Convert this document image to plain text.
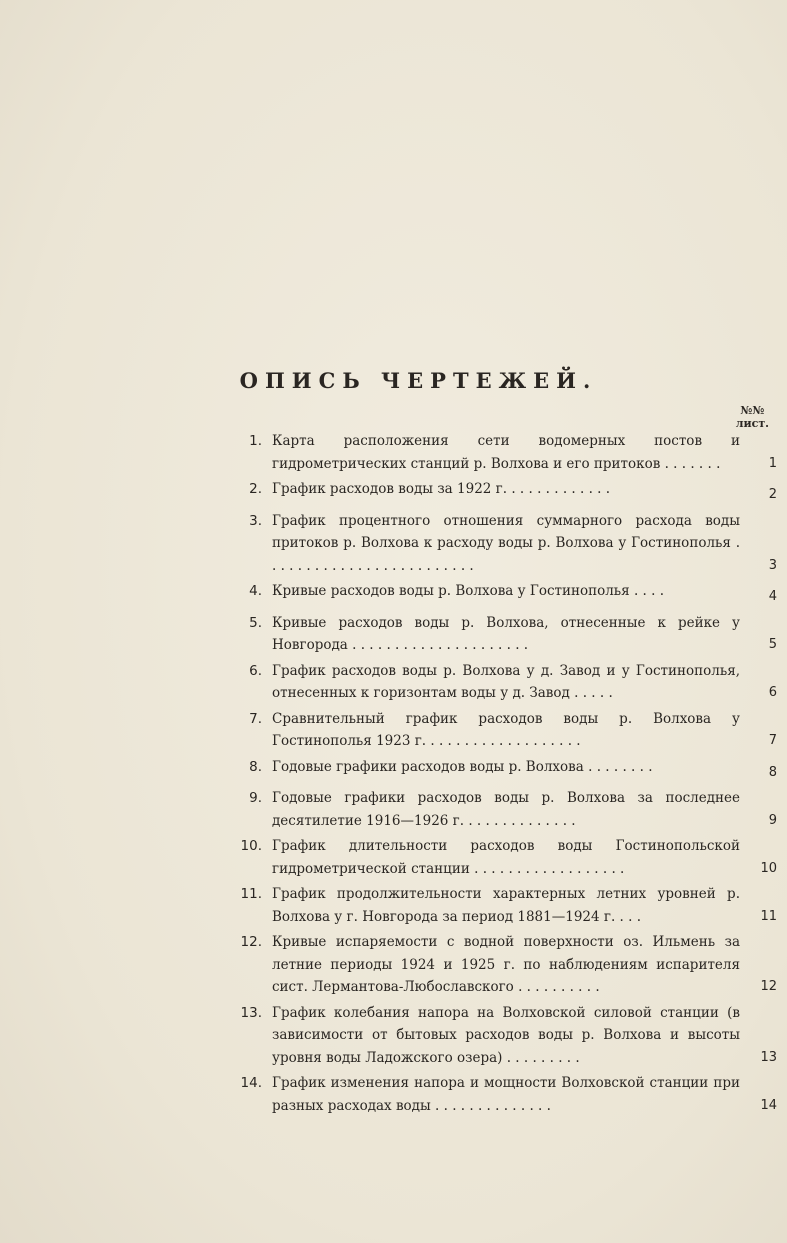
ОПИСЬ ЧЕРТЕЖЕЙ.
№№
лист.
1. Карта расположения сети водомерных постов и гидрометрических станций р. Волхова и его притоков . . . . . . .	1
2. График расходов воды за 1922 г. . . . . . . . . . . . .	2
3. График процентного отношения суммарного расхода воды притоков р. Волхова к расходу воды р. Волхова у Гостинополья . . . . . . . . . . . . . . . . . . . . . . . . .	3
4. Кривые расходов воды р. Волхова у Гостинополья . . . .	4
5. Кривые расходов воды р. Волхова, отнесенные к рейке у Новгорода . . . . . . . . . . . . . . . . . . . . .	5
6. График расходов воды р. Волхова у д. Завод и у Гостинополья, отнесенных к горизонтам воды у д. Завод . . . . .	6
7. Сравнительный график расходов воды р. Волхова у Гостинополья 1923 г. . . . . . . . . . . . . . . . . . .	7
8. Годовые графики расходов воды р. Волхова . . . . . . . .	8
9. Годовые графики расходов воды р. Волхова за последнее десятилетие 1916—1926 г. . . . . . . . . . . . . .	9
10. График длительности расходов воды Гостинопольской гидрометрической станции . . . . . . . . . . . . . . . . . .	10
11. График продолжительности характерных летних уровней р. Волхова у г. Новгорода за период 1881—1924 г. . . .	11
12. Кривые испаряемости с водной поверхности оз. Ильмень за летние периоды 1924 и 1925 г. по наблюдениям испарителя сист. Лермантова-Любославского . . . . . . . . . .	12
13. График колебания напора на Волховской силовой станции (в зависимости от бытовых расходов воды р. Волхова и высоты уровня воды Ладожского озера) . . . . . . . . .	13
14. График изменения напора и мощности Волховской станции при разных расходах воды . . . . . . . . . . . . . .	14
